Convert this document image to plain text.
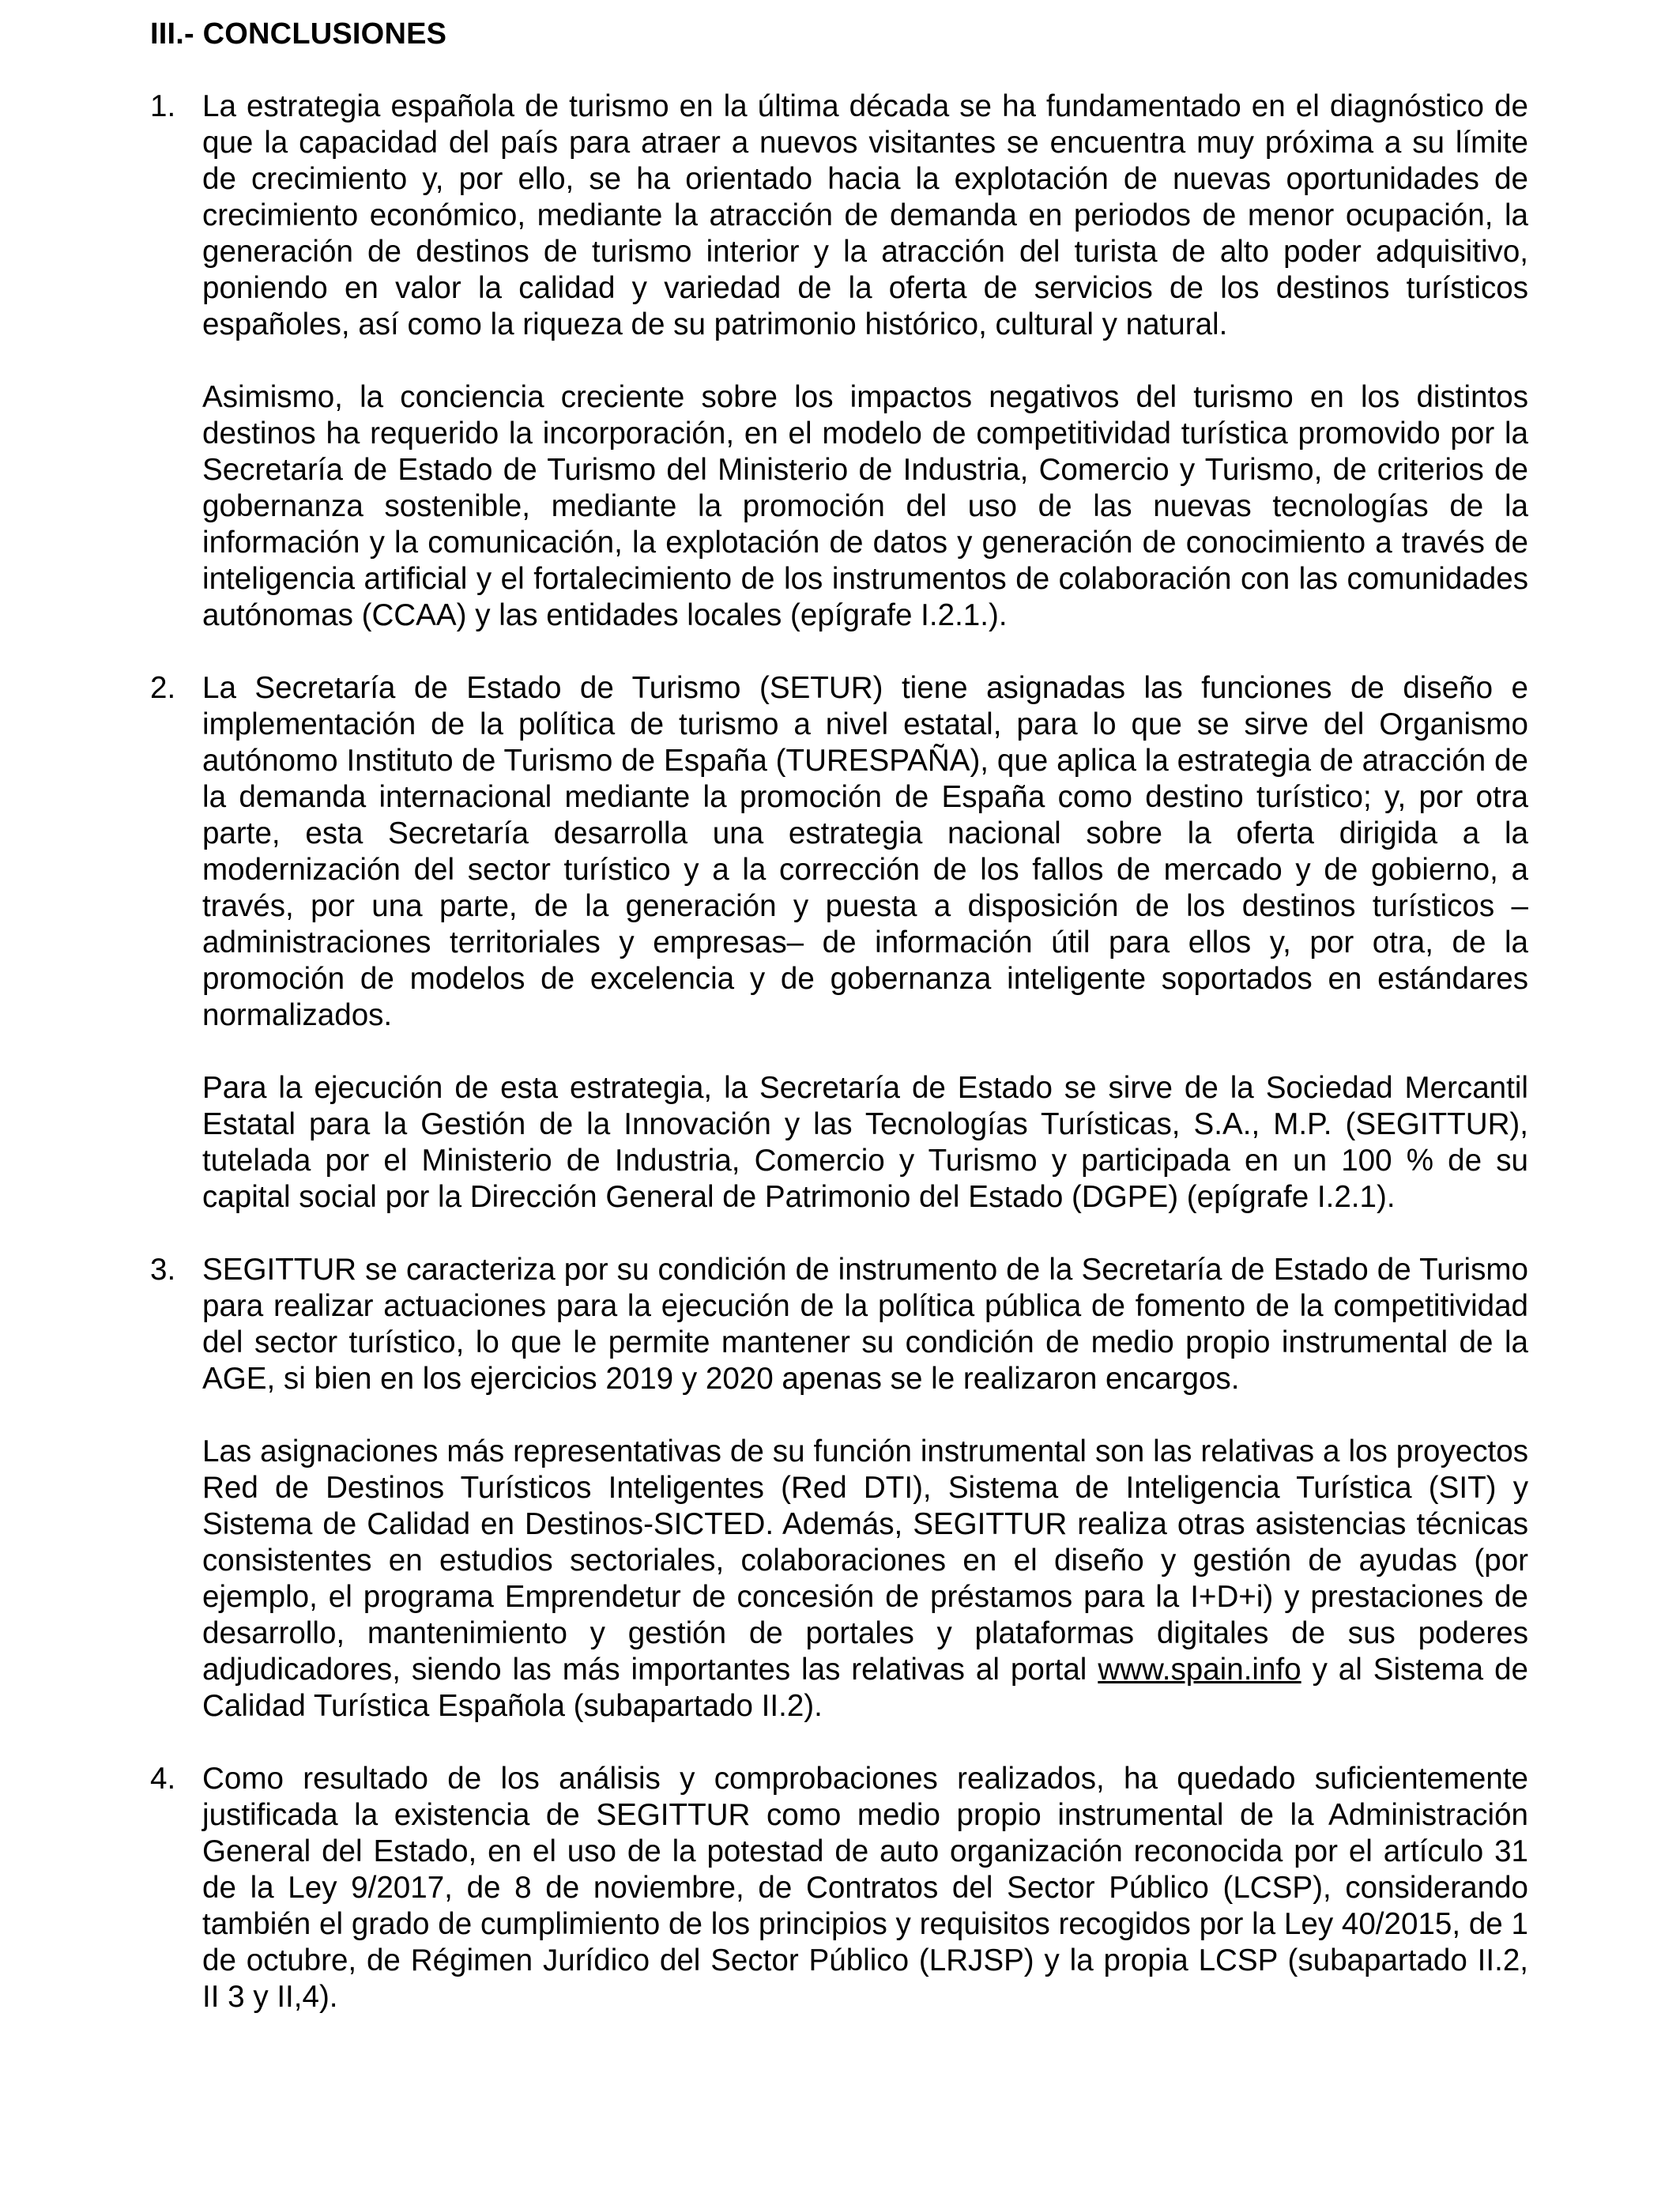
III.- CONCLUSIONES
1. La estrategia española de turismo en la última década se ha fundamentado en el diagnóstico de que la capacidad del país para atraer a nuevos visitantes se encuentra muy próxima a su límite de crecimiento y, por ello, se ha orientado hacia la explotación de nuevas oportunidades de crecimiento económico, mediante la atracción de demanda en periodos de menor ocupación, la generación de destinos de turismo interior y la atracción del turista de alto poder adquisitivo, poniendo en valor la calidad y variedad de la oferta de servicios de los destinos turísticos españoles, así como la riqueza de su patrimonio histórico, cultural y natural.

Asimismo, la conciencia creciente sobre los impactos negativos del turismo en los distintos destinos ha requerido la incorporación, en el modelo de competitividad turística promovido por la Secretaría de Estado de Turismo del Ministerio de Industria, Comercio y Turismo, de criterios de gobernanza sostenible, mediante la promoción del uso de las nuevas tecnologías de la información y la comunicación, la explotación de datos y generación de conocimiento a través de inteligencia artificial y el fortalecimiento de los instrumentos de colaboración con las comunidades autónomas (CCAA) y las entidades locales (epígrafe I.2.1.).

2. La Secretaría de Estado de Turismo (SETUR) tiene asignadas las funciones de diseño e implementación de la política de turismo a nivel estatal, para lo que se sirve del Organismo autónomo Instituto de Turismo de España (TURESPAÑA), que aplica la estrategia de atracción de la demanda internacional mediante la promoción de España como destino turístico; y, por otra parte, esta Secretaría desarrolla una estrategia nacional sobre la oferta dirigida a la modernización del sector turístico y a la corrección de los fallos de mercado y de gobierno, a través, por una parte, de la generación y puesta a disposición de los destinos turísticos –administraciones territoriales y empresas– de información útil para ellos y, por otra, de la promoción de modelos de excelencia y de gobernanza inteligente soportados en estándares normalizados.

Para la ejecución de esta estrategia, la Secretaría de Estado se sirve de la Sociedad Mercantil Estatal para la Gestión de la Innovación y las Tecnologías Turísticas, S.A., M.P. (SEGITTUR), tutelada por el Ministerio de Industria, Comercio y Turismo y participada en un 100 % de su capital social por la Dirección General de Patrimonio del Estado (DGPE) (epígrafe I.2.1).

3. SEGITTUR se caracteriza por su condición de instrumento de la Secretaría de Estado de Turismo para realizar actuaciones para la ejecución de la política pública de fomento de la competitividad del sector turístico, lo que le permite mantener su condición de medio propio instrumental de la AGE, si bien en los ejercicios 2019 y 2020 apenas se le realizaron encargos.

Las asignaciones más representativas de su función instrumental son las relativas a los proyectos Red de Destinos Turísticos Inteligentes (Red DTI), Sistema de Inteligencia Turística (SIT) y Sistema de Calidad en Destinos-SICTED. Además, SEGITTUR realiza otras asistencias técnicas consistentes en estudios sectoriales, colaboraciones en el diseño y gestión de ayudas (por ejemplo, el programa Emprendetur de concesión de préstamos para la I+D+i) y prestaciones de desarrollo, mantenimiento y gestión de portales y plataformas digitales de sus poderes adjudicadores, siendo las más importantes las relativas al portal www.spain.info y al Sistema de Calidad Turística Española (subapartado II.2).

4. Como resultado de los análisis y comprobaciones realizados, ha quedado suficientemente justificada la existencia de SEGITTUR como medio propio instrumental de la Administración General del Estado, en el uso de la potestad de auto organización reconocida por el artículo 31 de la Ley 9/2017, de 8 de noviembre, de Contratos del Sector Público (LCSP), considerando también el grado de cumplimiento de los principios y requisitos recogidos por la Ley 40/2015, de 1 de octubre, de Régimen Jurídico del Sector Público (LRJSP) y la propia LCSP (subapartado II.2, II 3 y II,4).
